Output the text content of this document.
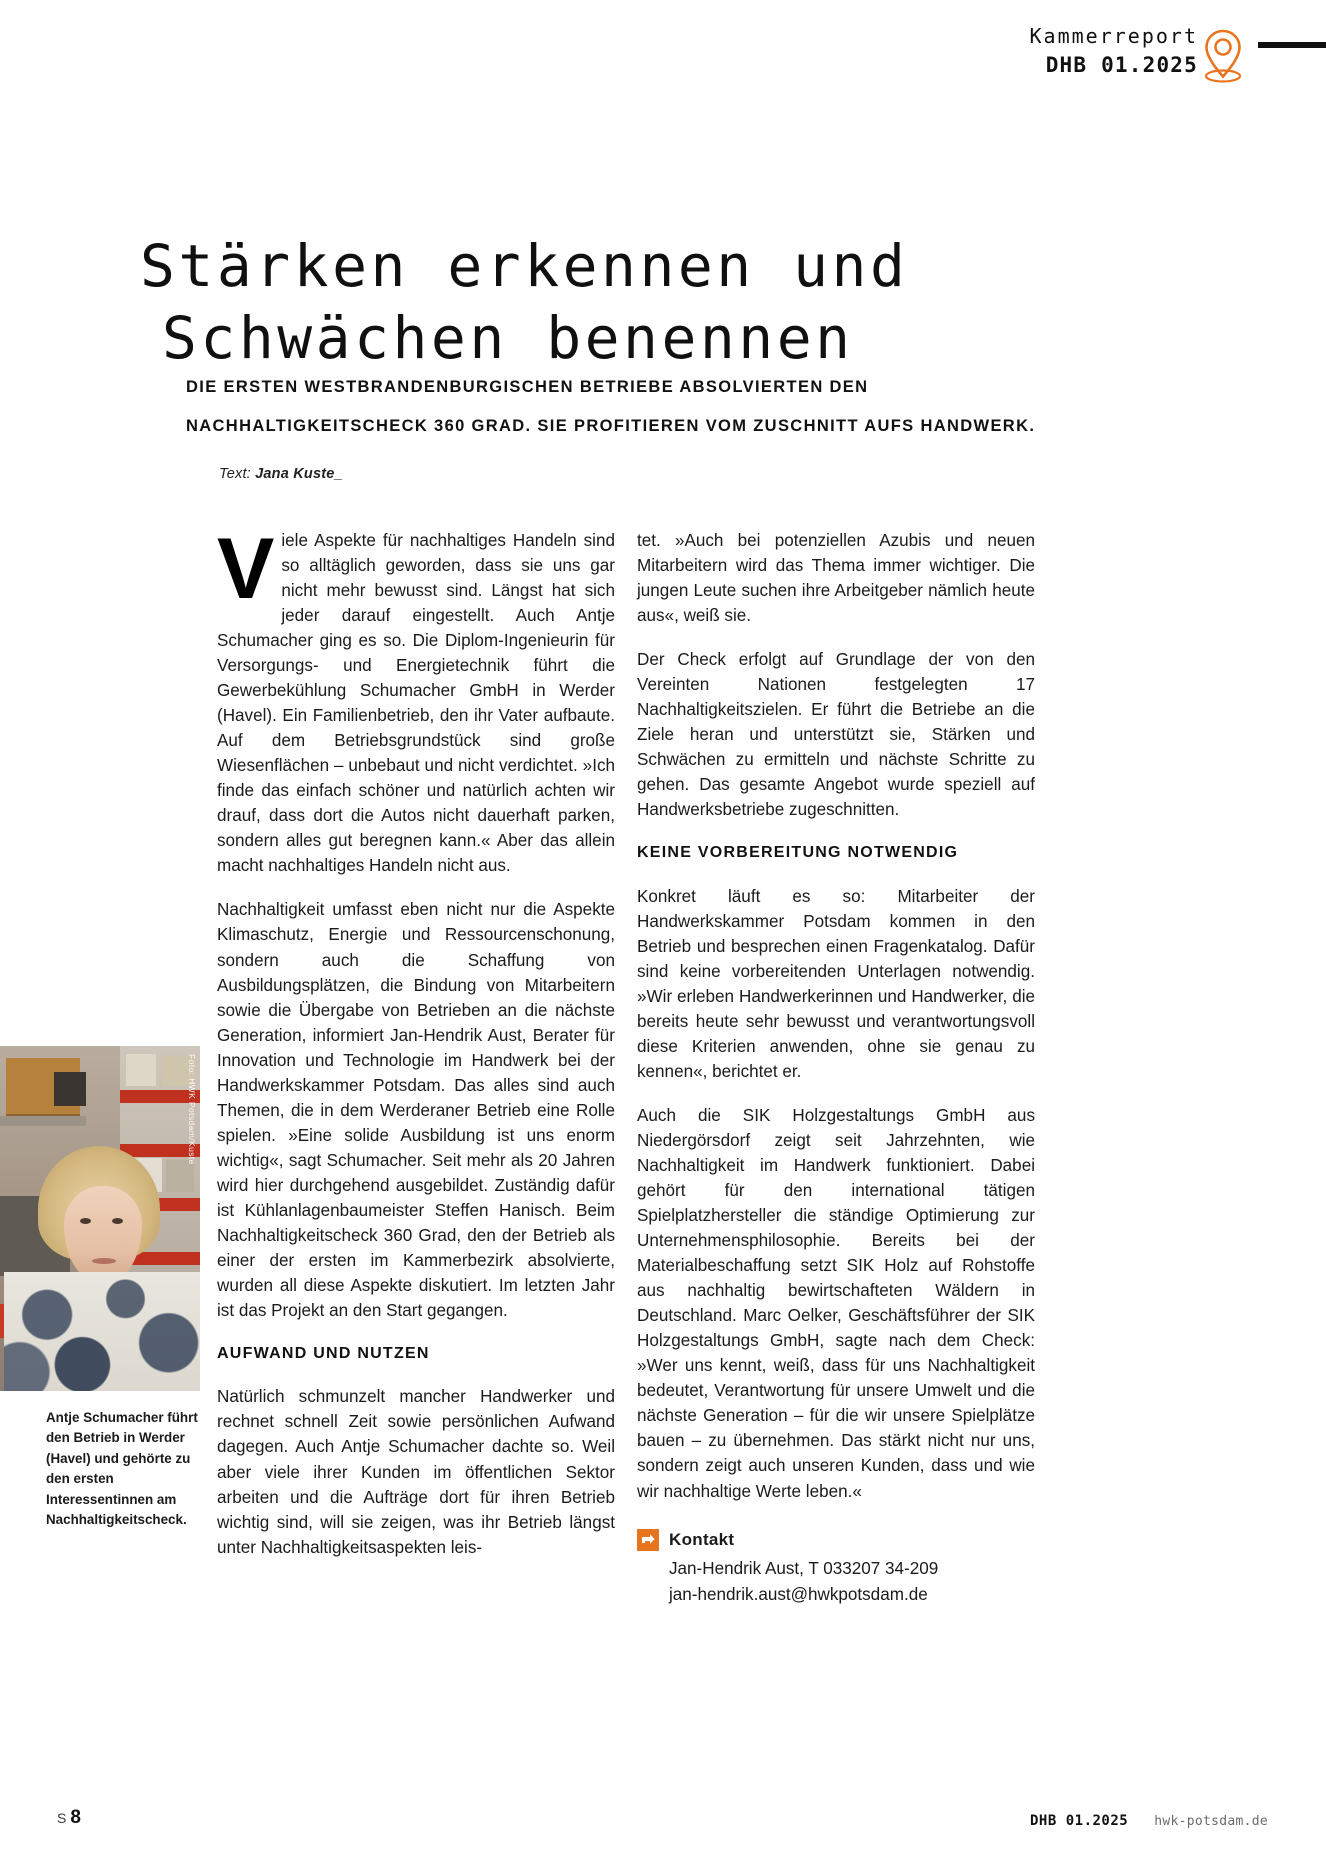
Kammerreport
DHB 01.2025
Stärken erkennen und
Schwächen benennen
DIE ERSTEN WESTBRANDENBURGISCHEN BETRIEBE ABSOLVIERTEN DEN
NACHHALTIGKEITSCHECK 360 GRAD. SIE PROFITIEREN VOM ZUSCHNITT AUFS HANDWERK.
Text: Jana Kuste_

Viele Aspekte für nachhaltiges Handeln sind so alltäglich geworden, dass sie uns gar nicht mehr bewusst sind. Längst hat sich jeder darauf eingestellt. Auch Antje Schumacher ging es so. Die Diplom-Ingenieurin für Versorgungs- und Energietechnik führt die Gewerbekühlung Schumacher GmbH in Werder (Havel). Ein Familienbetrieb, den ihr Vater aufbaute. Auf dem Betriebsgrundstück sind große Wiesenflächen – unbebaut und nicht verdichtet. »Ich finde das einfach schöner und natürlich achten wir drauf, dass dort die Autos nicht dauerhaft parken, sondern alles gut beregnen kann.« Aber das allein macht nachhaltiges Handeln nicht aus.

Nachhaltigkeit umfasst eben nicht nur die Aspekte Klimaschutz, Energie und Ressourcenschonung, sondern auch die Schaffung von Ausbildungsplätzen, die Bindung von Mitarbeitern sowie die Übergabe von Betrieben an die nächste Generation, informiert Jan-Hendrik Aust, Berater für Innovation und Technologie im Handwerk bei der Handwerkskammer Potsdam. Das alles sind auch Themen, die in dem Werderaner Betrieb eine Rolle spielen. »Eine solide Ausbildung ist uns enorm wichtig«, sagt Schumacher. Seit mehr als 20 Jahren wird hier durchgehend ausgebildet. Zuständig dafür ist Kühlanlagenbaumeister Steffen Hanisch. Beim Nachhaltigkeitscheck 360 Grad, den der Betrieb als einer der ersten im Kammerbezirk absolvierte, wurden all diese Aspekte diskutiert. Im letzten Jahr ist das Projekt an den Start gegangen.

AUFWAND UND NUTZEN

Natürlich schmunzelt mancher Handwerker und rechnet schnell Zeit sowie persönlichen Aufwand dagegen. Auch Antje Schumacher dachte so. Weil aber viele ihrer Kunden im öffentlichen Sektor arbeiten und die Aufträge dort für ihren Betrieb wichtig sind, will sie zeigen, was ihr Betrieb längst unter Nachhaltigkeitsaspekten leis-

tet. »Auch bei potenziellen Azubis und neuen Mitarbeitern wird das Thema immer wichtiger. Die jungen Leute suchen ihre Arbeitgeber nämlich heute aus«, weiß sie.

Der Check erfolgt auf Grundlage der von den Vereinten Nationen festgelegten 17 Nachhaltigkeitszielen. Er führt die Betriebe an die Ziele heran und unterstützt sie, Stärken und Schwächen zu ermitteln und nächste Schritte zu gehen. Das gesamte Angebot wurde speziell auf Handwerksbetriebe zugeschnitten.

KEINE VORBEREITUNG NOTWENDIG

Konkret läuft es so: Mitarbeiter der Handwerkskammer Potsdam kommen in den Betrieb und besprechen einen Fragenkatalog. Dafür sind keine vorbereitenden Unterlagen notwendig. »Wir erleben Handwerkerinnen und Handwerker, die bereits heute sehr bewusst und verantwortungsvoll diese Kriterien anwenden, ohne sie genau zu kennen«, berichtet er.

Auch die SIK Holzgestaltungs GmbH aus Niedergörsdorf zeigt seit Jahrzehnten, wie Nachhaltigkeit im Handwerk funktioniert. Dabei gehört für den international tätigen Spielplatzhersteller die ständige Optimierung zur Unternehmensphilosophie. Bereits bei der Materialbeschaffung setzt SIK Holz auf Rohstoffe aus nachhaltig bewirtschafteten Wäldern in Deutschland. Marc Oelker, Geschäftsführer der SIK Holzgestaltungs GmbH, sagte nach dem Check: »Wer uns kennt, weiß, dass für uns Nachhaltigkeit bedeutet, Verantwortung für unsere Umwelt und die nächste Generation – für die wir unsere Spielplätze bauen – zu übernehmen. Das stärkt nicht nur uns, sondern zeigt auch unseren Kunden, dass und wie wir nachhaltige Werte leben.«

Kontakt
Jan-Hendrik Aust, T 033207 34-209
jan-hendrik.aust@hwkpotsdam.de
Foto: HWK Potsdam/Kuste
Antje Schumacher führt den Betrieb in Werder (Havel) und gehörte zu den ersten Interessentinnen am Nachhaltigkeitscheck.
S 8	DHB 01.2025 hwk-potsdam.de
